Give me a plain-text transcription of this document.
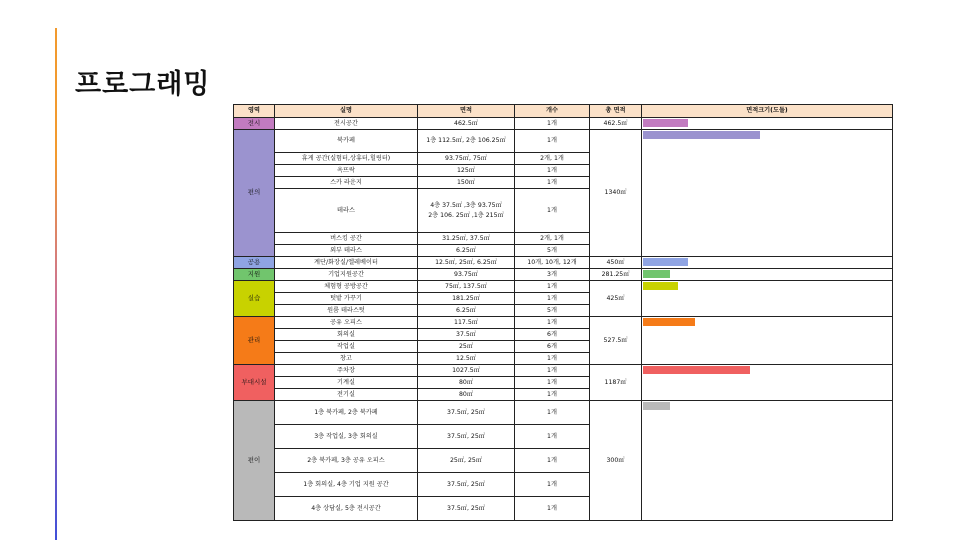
프로그래밍
영역	실명	면적	개수	총 면적	면적크기(도돌)
전시	전시공간	462.5㎡	1개	462.5㎡	

편의	북카페	1층 112.5㎡, 2층 106.25㎡	1개	1340㎡	

	휴게 공간(실험터,상휴터,힐링터)	93.75㎡, 75㎡	2개, 1개		
	옥뜨락	125㎡	1개		
	스카 라운지	150㎡	1개		
	테라스	4층 37.5㎡ ,3층 93.75㎡
2층 106. 25㎡ ,1층 215㎡	1개		
	버스킹 공간	31.25㎡, 37.5㎡	2개, 1개		
	외부 테라스	6.25㎡	5개		
공용	계단/화장실/엘레베이터	12.5㎡, 25㎡, 6.25㎡	10개, 10개, 12개	450㎡	

지원	기업지원공간	93.75㎡	3개	281.25㎡	

실습	체험형 공방공간	75㎡, 137.5㎡	1개	425㎡	

	텃밭 가꾸기	181.25㎡	1개		
	원룸 테라스텃	6.25㎡	5개		
관리	공유 오피스	117.5㎡	1개	527.5㎡	

	회의실	37.5㎡	6개		
	작업실	25㎡	6개		
	창고	12.5㎡	1개		
부대시설	주차장	1027.5㎡	1개	1187㎡	

	기계실	80㎡	1개		
	전기실	80㎡	1개		
편이	1층 북카페, 2층 북카페	37.5㎡, 25㎡	1개	300㎡	

	3층 작업실, 3층 회의실	37.5㎡, 25㎡	1개		
	2층 북카페, 3층 공유 오피스	25㎡, 25㎡	1개		
	1층 회의실, 4층 기업 지원 공간	37.5㎡, 25㎡	1개		
	4층 상담실, 5층 전시공간	37.5㎡, 25㎡	1개		
